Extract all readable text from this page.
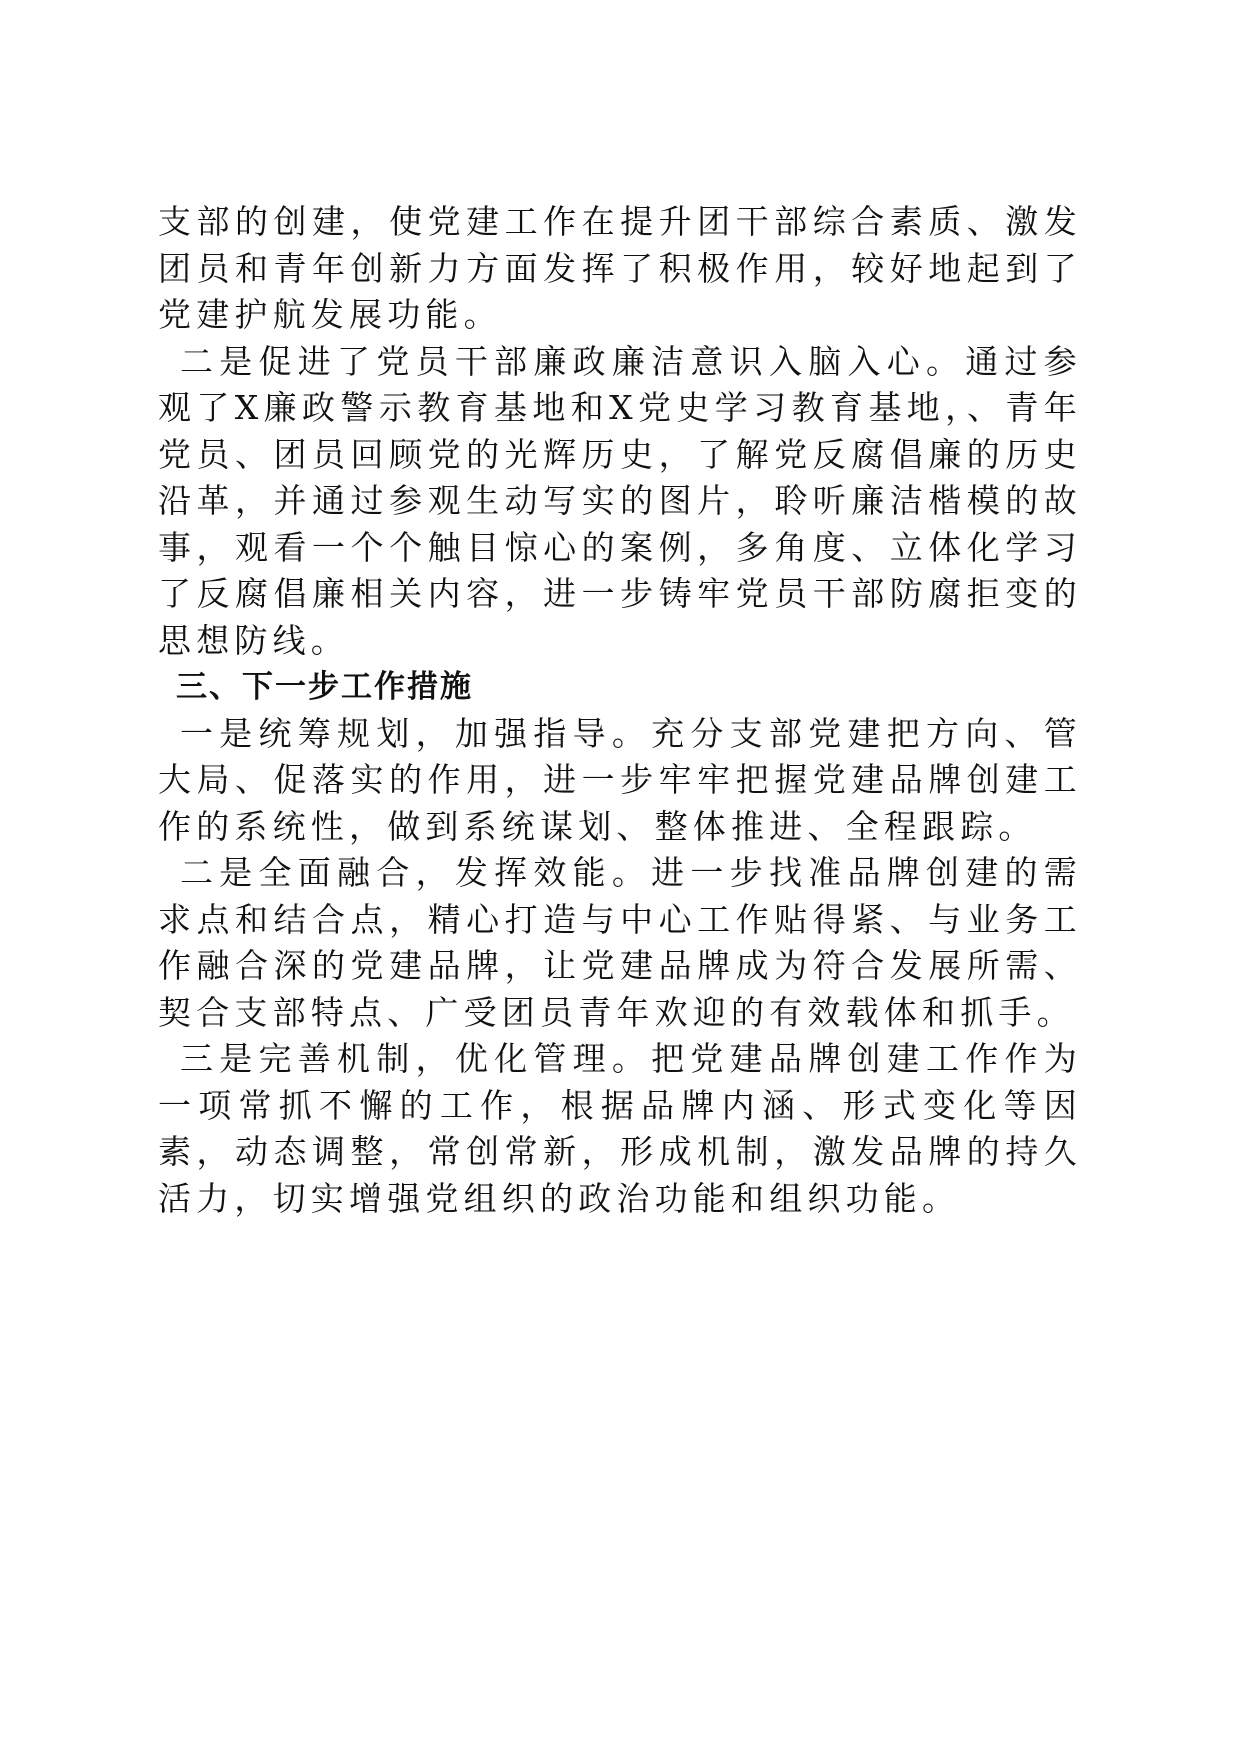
支部的创建，使党建工作在提升团干部综合素质、激发团员和青年创新力方面发挥了积极作用，较好地起到了党建护航发展功能。

二是促进了党员干部廉政廉洁意识入脑入心。通过参观了X廉政警示教育基地和X党史学习教育基地，、青年党员、团员回顾党的光辉历史，了解党反腐倡廉的历史沿革，并通过参观生动写实的图片，聆听廉洁楷模的故事，观看一个个触目惊心的案例，多角度、立体化学习了反腐倡廉相关内容，进一步铸牢党员干部防腐拒变的思想防线。

三、下一步工作措施

一是统筹规划，加强指导。充分支部党建把方向、管大局、促落实的作用，进一步牢牢把握党建品牌创建工作的系统性，做到系统谋划、整体推进、全程跟踪。

二是全面融合，发挥效能。进一步找准品牌创建的需求点和结合点，精心打造与中心工作贴得紧、与业务工作融合深的党建品牌，让党建品牌成为符合发展所需、契合支部特点、广受团员青年欢迎的有效载体和抓手。

三是完善机制，优化管理。把党建品牌创建工作作为一项常抓不懈的工作，根据品牌内涵、形式变化等因素，动态调整，常创常新，形成机制，激发品牌的持久活力，切实增强党组织的政治功能和组织功能。
